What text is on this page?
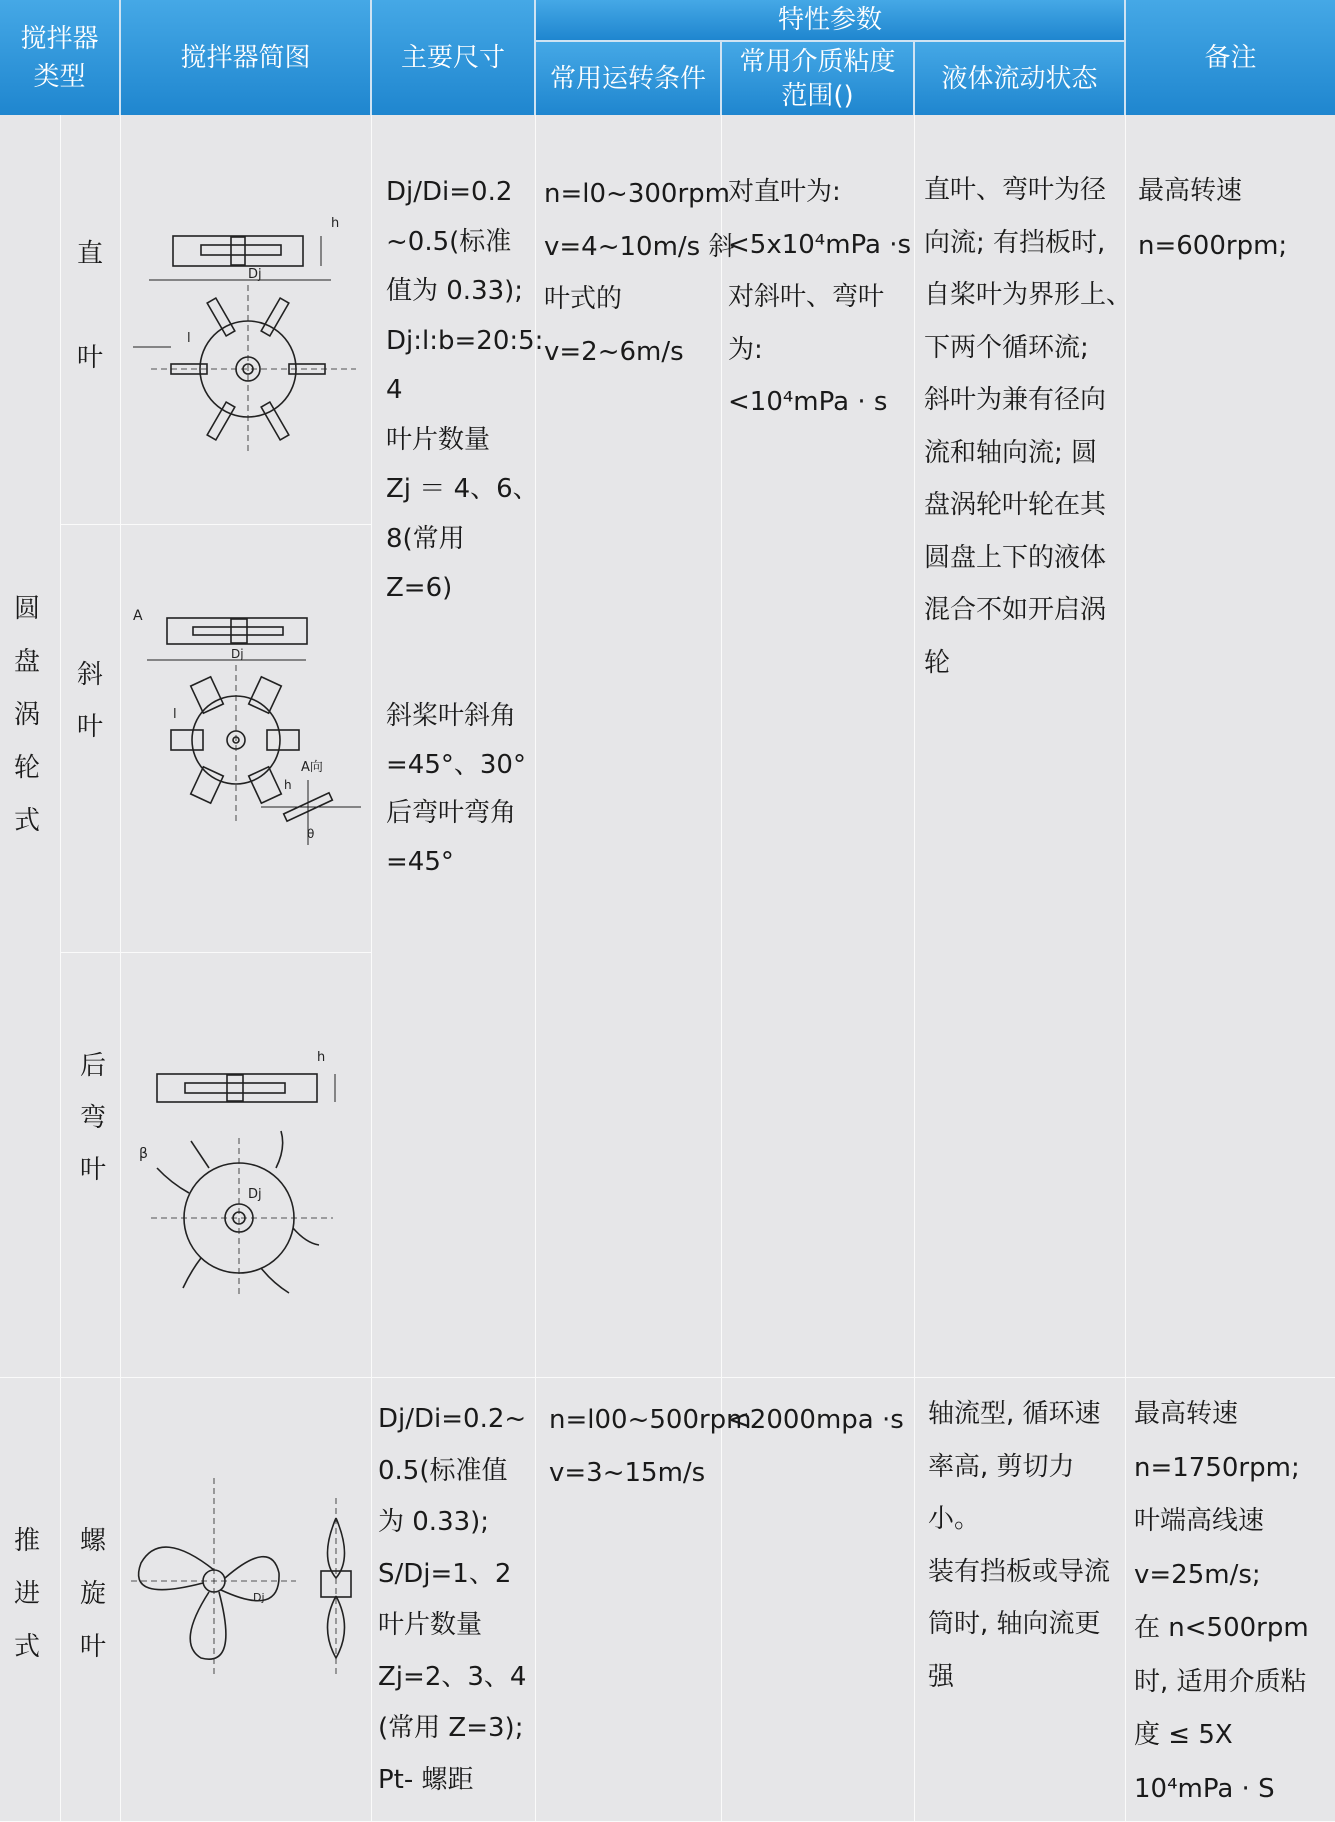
搅拌器
类型
搅拌器简图	主要尺寸
特性参数
常用运转条件
常用介质粘度
范围()
液体流动状态
备注
圆
盘
涡
轮
式
直

叶
斜

叶
后

弯

叶
Dj/Di=0.2
~0.5(标准
值为 0.33);
Dj:l:b=20:5:
4
叶片数量
Zj ＝ 4、6、
8(常用
Z=6)
斜桨叶斜角
=45°、30°
后弯叶弯角
=45°
n=l0~300rpm
v=4~10m/s 斜
叶式的
v=2~6m/s
对直叶为:
<5x10⁴mPa ·s
对斜叶、弯叶
为:
<10⁴mPa · s
直叶、弯叶为径
向流; 有挡板时,
自桨叶为界形上、
下两个循环流;
斜叶为兼有径向
流和轴向流; 圆
盘涡轮叶轮在其
圆盘上下的液体
混合不如开启涡
轮
最高转速
n=600rpm;
推
进
式
螺
旋
叶
Dj/Di=0.2~
0.5(标准值
为 0.33);
S/Dj=1、2
叶片数量
Zj=2、3、4
(常用 Z=3);
Pt- 螺距
n=l00~500rpm
v=3~15m/s
<2000mpa ·s 轴流型, 循环速
率高, 剪切力
小。
装有挡板或导流
筒时, 轴向流更
强
最高转速
n=1750rpm;
叶端高线速
v=25m/s;
在 n<500rpm
时, 适用介质粘
度 ≤ 5X
10⁴mPa · S
Dj
h
l
A
Dj
l
A向
h
θ
h
β
Dj
Dj
